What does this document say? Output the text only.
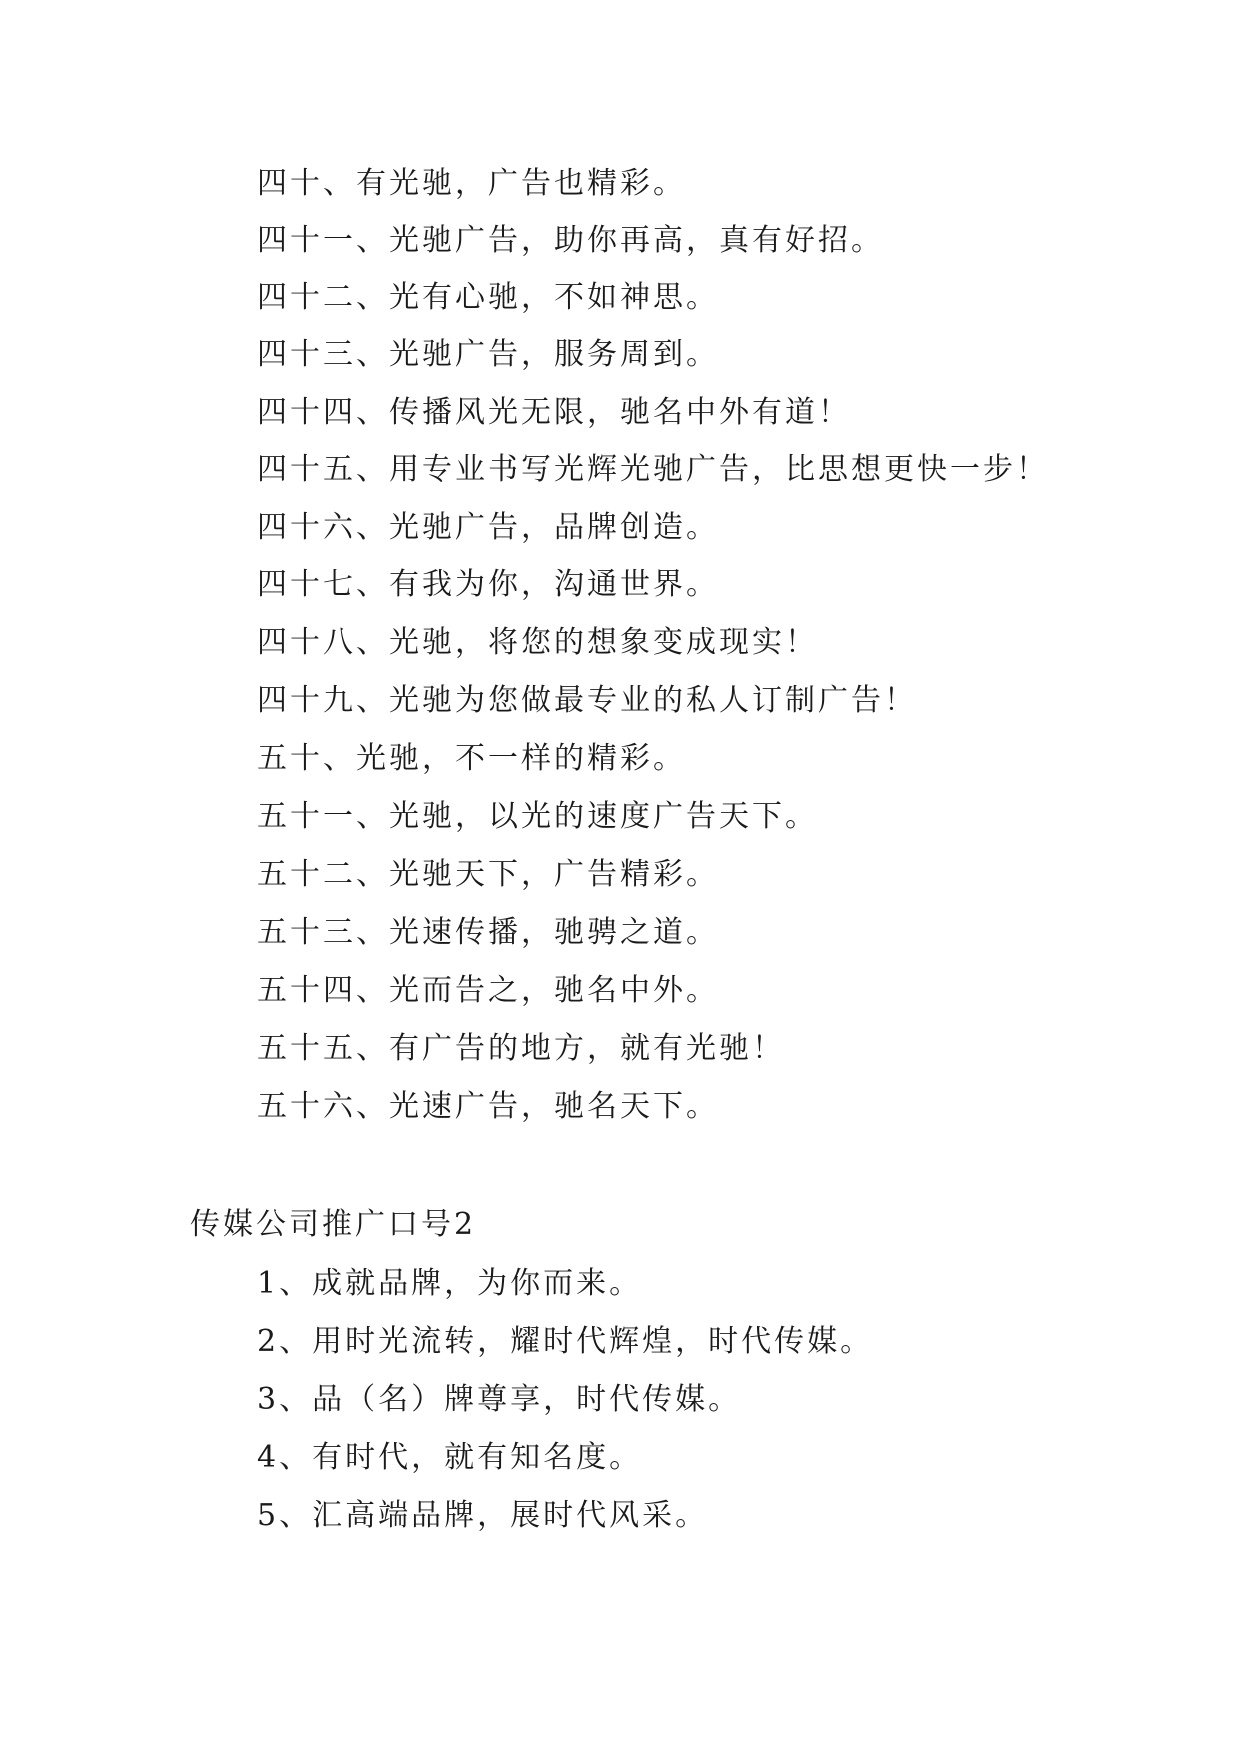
四十、有光驰，广告也精彩。
四十一、光驰广告，助你再高，真有好招。
四十二、光有心驰，不如神思。
四十三、光驰广告，服务周到。
四十四、传播风光无限，驰名中外有道！
四十五、用专业书写光辉光驰广告，比思想更快一步！
四十六、光驰广告，品牌创造。
四十七、有我为你，沟通世界。
四十八、光驰，将您的想象变成现实！
四十九、光驰为您做最专业的私人订制广告！
五十、光驰，不一样的精彩。
五十一、光驰，以光的速度广告天下。
五十二、光驰天下，广告精彩。
五十三、光速传播，驰骋之道。
五十四、光而告之，驰名中外。
五十五、有广告的地方，就有光驰！
五十六、光速广告，驰名天下。
传媒公司推广口号2
1、成就品牌，为你而来。
2、用时光流转，耀时代辉煌，时代传媒。
3、品（名）牌尊享，时代传媒。
4、有时代，就有知名度。
5、汇高端品牌，展时代风采。
